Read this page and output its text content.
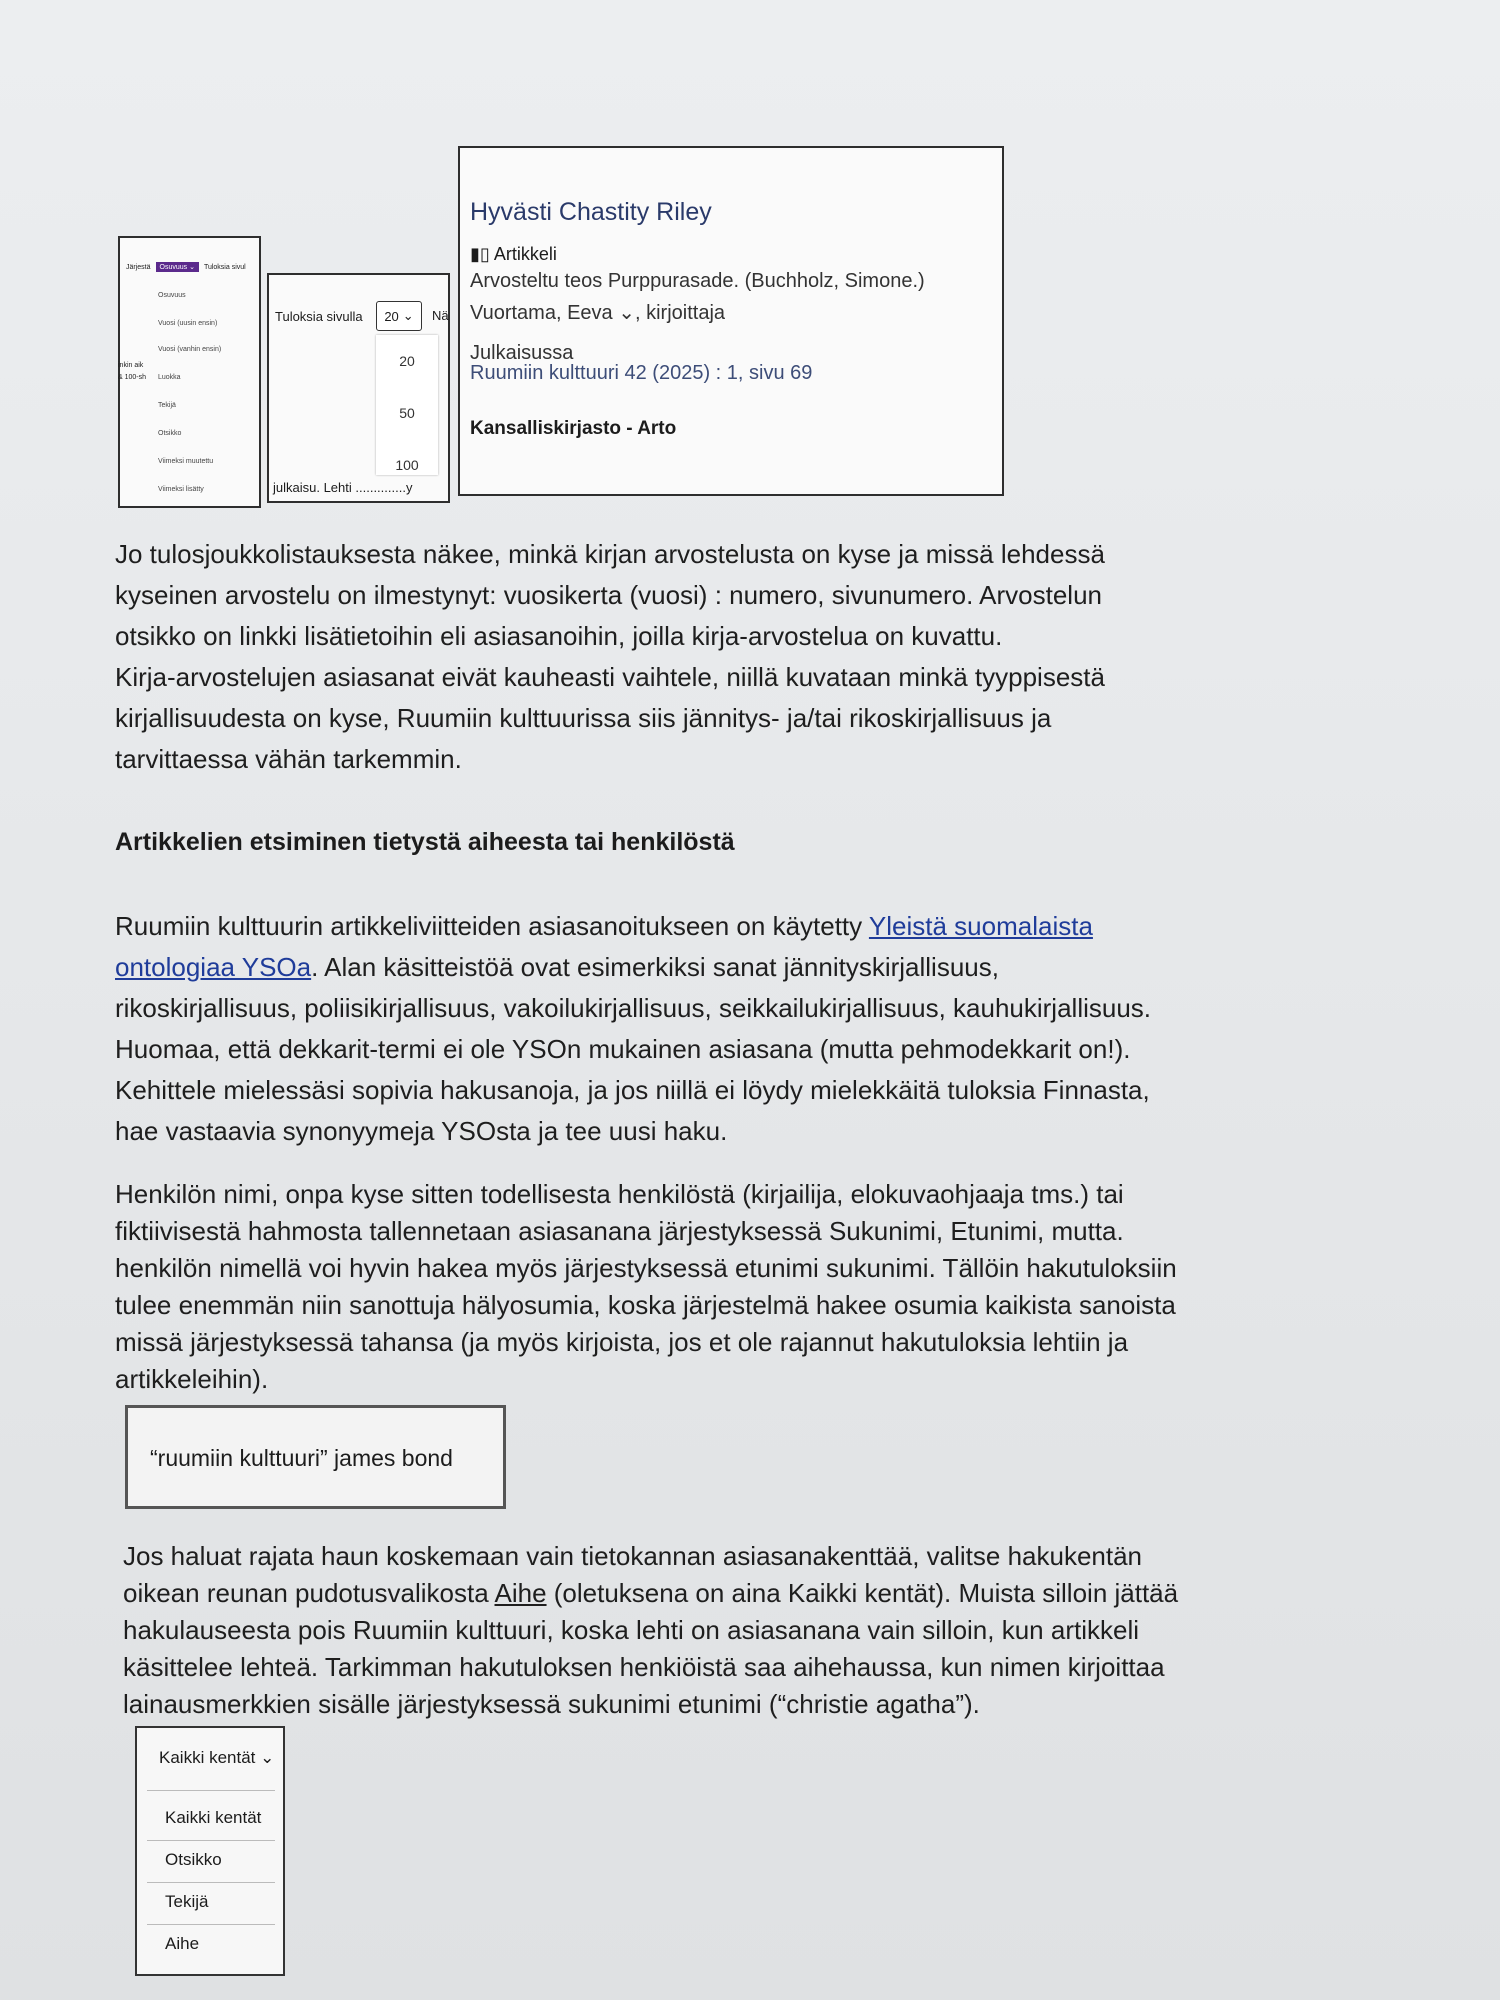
Järjestä	Osuvuus ⌄	Tuloksia sivul
inkin aik
& 100-sh
Osuvuus
Vuosi (uusin ensin)
Vuosi (vanhin ensin)
Luokka
Tekijä
Otsikko
Viimeksi muutettu
Viimeksi lisätty
Tuloksia sivulla 20 ⌄ Nä
20
50
100
julkaisu. Lehti ..............y
Hyvästi Chastity Riley
▮▯ Artikkeli
Arvosteltu teos Purppurasade. (Buchholz, Simone.)
Vuortama, Eeva ⌄, kirjoittaja
Julkaisussa
Ruumiin kulttuuri 42 (2025) : 1, sivu 69
Kansalliskirjasto - Arto
Jo tulosjoukkolistauksesta näkee, minkä kirjan arvostelusta on kyse ja missä lehdessä
kyseinen arvostelu on ilmestynyt: vuosikerta (vuosi) : numero, sivunumero. Arvostelun
otsikko on linkki lisätietoihin eli asiasanoihin, joilla kirja-arvostelua on kuvattu.
Kirja-arvostelujen asiasanat eivät kauheasti vaihtele, niillä kuvataan minkä tyyppisestä
kirjallisuudesta on kyse, Ruumiin kulttuurissa siis jännitys- ja/tai rikoskirjallisuus ja
tarvittaessa vähän tarkemmin.
Artikkelien etsiminen tietystä aiheesta tai henkilöstä
Ruumiin kulttuurin artikkeliviitteiden asiasanoitukseen on käytetty Yleistä suomalaista
ontologiaa YSOa. Alan käsitteistöä ovat esimerkiksi sanat jännityskirjallisuus,
rikoskirjallisuus, poliisikirjallisuus, vakoilukirjallisuus, seikkailukirjallisuus, kauhukirjallisuus.
Huomaa, että dekkarit-termi ei ole YSOn mukainen asiasana (mutta pehmodekkarit on!).
Kehittele mielessäsi sopivia hakusanoja, ja jos niillä ei löydy mielekkäitä tuloksia Finnasta,
hae vastaavia synonyymeja YSOsta ja tee uusi haku.
Henkilön nimi, onpa kyse sitten todellisesta henkilöstä (kirjailija, elokuvaohjaaja tms.) tai
fiktiivisestä hahmosta tallennetaan asiasanana järjestyksessä Sukunimi, Etunimi, mutta.
henkilön nimellä voi hyvin hakea myös järjestyksessä etunimi sukunimi. Tällöin hakutuloksiin
tulee enemmän niin sanottuja hälyosumia, koska järjestelmä hakee osumia kaikista sanoista
missä järjestyksessä tahansa (ja myös kirjoista, jos et ole rajannut hakutuloksia lehtiin ja
artikkeleihin).
“ruumiin kulttuuri” james bond
Jos haluat rajata haun koskemaan vain tietokannan asiasanakenttää, valitse hakukentän
oikean reunan pudotusvalikosta Aihe (oletuksena on aina Kaikki kentät). Muista silloin jättää
hakulauseesta pois Ruumiin kulttuuri, koska lehti on asiasanana vain silloin, kun artikkeli
käsittelee lehteä. Tarkimman hakutuloksen henkiöistä saa aihehaussa, kun nimen kirjoittaa
lainausmerkkien sisälle järjestyksessä sukunimi etunimi (“christie agatha”).
Kaikki kentät ⌄
Kaikki kentät
Otsikko
Tekijä
Aihe
